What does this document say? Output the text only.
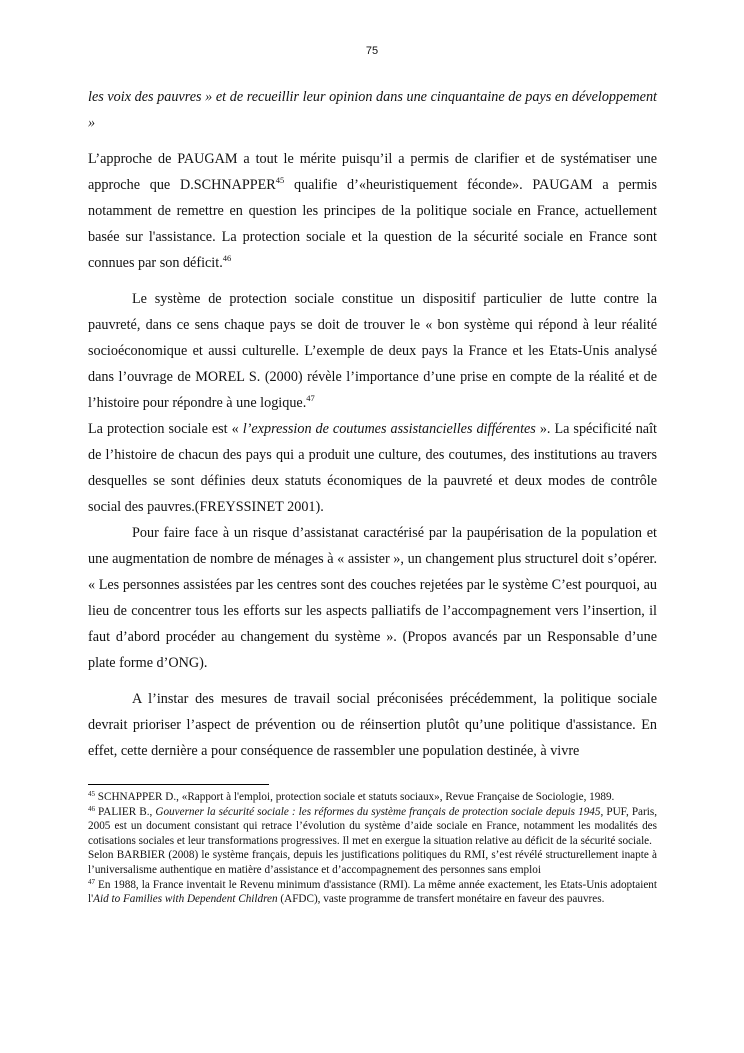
75

les voix des pauvres » et de recueillir leur opinion dans une cinquantaine de pays en développement »

L’approche de PAUGAM a tout le mérite puisqu’il a permis de clarifier et de systématiser une approche que D.SCHNAPPER$^{45}$ qualifie d’«heuristiquement féconde». PAUGAM a permis notamment de remettre en question les principes de la politique sociale en France, actuellement basée sur l'assistance. La protection sociale et la question de la sécurité sociale en France sont connues par son déficit.$^{46}$

Le système de protection sociale constitue un dispositif particulier de lutte contre la pauvreté, dans ce sens chaque pays se doit de trouver le « bon système qui répond à leur réalité socioéconomique et aussi culturelle. L’exemple de deux pays la France et les Etats-Unis analysé dans l’ouvrage de MOREL S. (2000) révèle l’importance d’une prise en compte de la réalité et de l’histoire pour répondre à une logique.$^{47}$

La protection sociale est « l’expression de coutumes assistancielles différentes ». La spécificité naît de l’histoire de chacun des pays qui a produit une culture, des coutumes, des institutions au travers desquelles se sont définies deux statuts économiques de la pauvreté et deux modes de contrôle social des pauvres.(FREYSSINET 2001).

Pour faire face à un risque d’assistanat caractérisé par la paupérisation de la population et une augmentation de nombre de ménages à « assister », un changement plus structurel doit s’opérer. « Les personnes assistées par les centres sont des couches rejetées par le système C’est pourquoi, au lieu de concentrer tous les efforts sur les aspects palliatifs de l’accompagnement vers l’insertion, il faut d’abord procéder au changement du système ». (Propos avancés par un Responsable d’une plate forme d’ONG).

A l’instar des mesures de travail social préconisées précédemment, la politique sociale devrait prioriser l’aspect de prévention ou de réinsertion plutôt qu’une politique d'assistance. En effet, cette dernière a pour conséquence de rassembler une population destinée, à vivre

$^{45}$ SCHNAPPER D., «Rapport à l'emploi, protection sociale et statuts sociaux», Revue Française de Sociologie, 1989.

$^{46}$ PALIER B., Gouverner la sécurité sociale : les réformes du système français de protection sociale depuis 1945, PUF, Paris, 2005 est un document consistant qui retrace l’évolution du système d’aide sociale en France, notamment les modalités des cotisations sociales et leur transformations progressives. Il met en exergue la situation relative au déficit de la sécurité sociale.

Selon BARBIER (2008) le système français, depuis les justifications politiques du RMI, s’est révélé structurellement inapte à l’universalisme authentique en matière d’assistance et d’accompagnement des personnes sans emploi

$^{47}$ En 1988, la France inventait le Revenu minimum d'assistance (RMI). La même année exactement, les Etats-Unis adoptaient l'Aid to Families with Dependent Children (AFDC), vaste programme de transfert monétaire en faveur des pauvres.
